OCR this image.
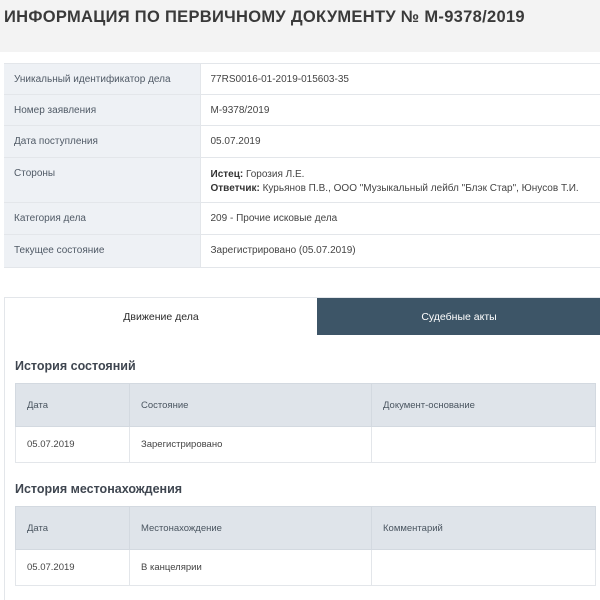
ИНФОРМАЦИЯ ПО ПЕРВИЧНОМУ ДОКУМЕНТУ № М-9378/2019
Уникальный идентификатор дела	77RS0016-01-2019-015603-35
Номер заявления	М-9378/2019
Дата поступления	05.07.2019
Стороны	Истец: Горозия Л.Е.
Ответчик: Курьянов П.В., ООО "Музыкальный лейбл "Блэк Стар", Юнусов Т.И.

Категория дела	209 - Прочие исковые дела
Текущее состояние	Зарегистрировано (05.07.2019)
Движение дела	Судебные акты
История состояний
Дата	Состояние	Документ-основание
05.07.2019	Зарегистрировано	
История местонахождения
Дата	Местонахождение	Комментарий
05.07.2019	В канцелярии	
